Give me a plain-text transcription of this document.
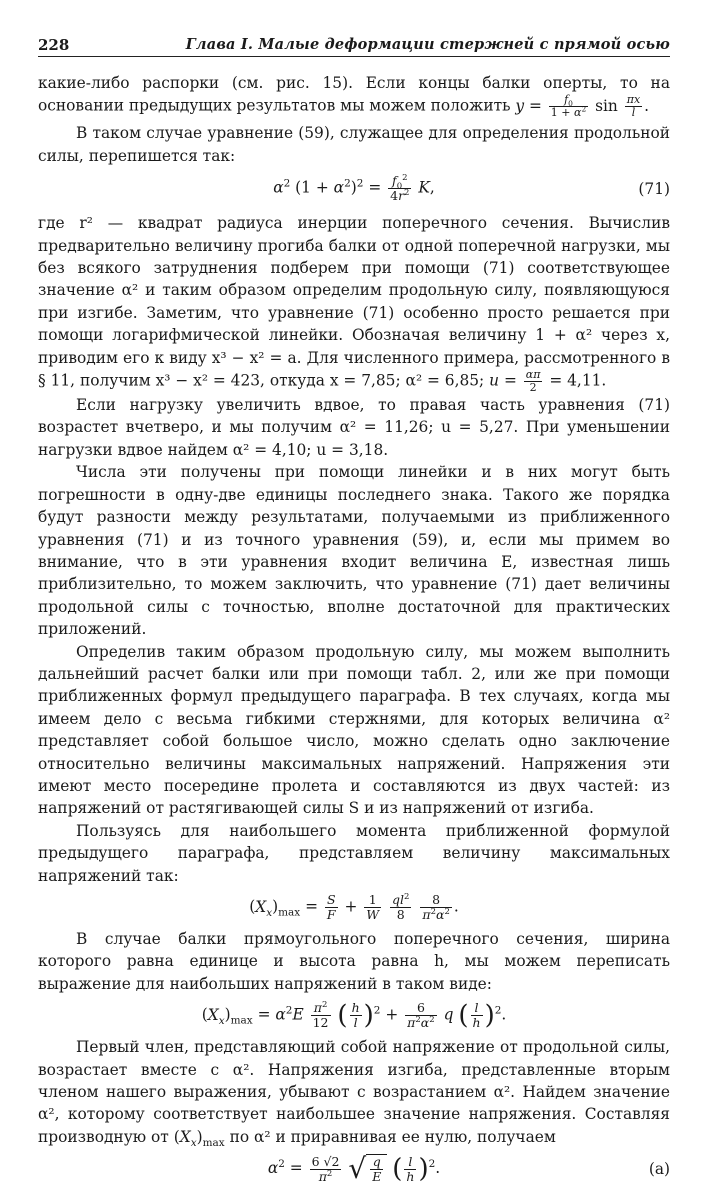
228	Глава I. Малые деформации стержней с прямой осью

какие-либо распорки (см. рис. 15). Если концы балки оперты, то на основании предыдущих результатов мы можем положить $y = \frac{f_0}{1 + \alpha^2}$ $\sin \frac{\pi x}{l}$ .

В таком случае уравнение (59), служащее для определения продольной силы, перепишется так:

$\alpha^2$ $(1 + \alpha^2)^2 = \frac{f_0^2}{4r^2} K$,	(71)

где r² — квадрат радиуса инерции поперечного сечения. Вычислив предварительно величину прогиба балки от одной поперечной нагрузки, мы без всякого затруднения подберем при помощи (71) соответствующее значение α² и таким образом определим продольную силу, появляющуюся при изгибе. Заметим, что уравнение (71) особенно просто решается при помощи логарифмической линейки. Обозначая величину 1 + α² через x, приводим его к виду x³ − x² = a. Для численного примера, рассмотренного в § 11, получим x³ − x² = 423, откуда x = 7,85; α² = 6,85; $u = \frac{\alpha\pi}{2} = 4,11$.

Если нагрузку увеличить вдвое, то правая часть уравнения (71) возрастет вчетверо, и мы получим α² = 11,26; u = 5,27. При уменьшении нагрузки вдвое найдем α² = 4,10; u = 3,18.

Числа эти получены при помощи линейки и в них могут быть погрешности в одну-две единицы последнего знака. Такого же порядка будут разности между результатами, получаемыми из приближенного уравнения (71) и из точного уравнения (59), и, если мы примем во внимание, что в эти уравнения входит величина E, известная лишь приблизительно, то можем заключить, что уравнение (71) дает величины продольной силы с точностью, вполне достаточной для практических приложений.

Определив таким образом продольную силу, мы можем выполнить дальнейший расчет балки или при помощи табл. 2, или же при помощи приближенных формул предыдущего параграфа. В тех случаях, когда мы имеем дело с весьма гибкими стержнями, для которых величина α² представляет собой большое число, можно сделать одно заключение относительно величины максимальных напряжений. Напряжения эти имеют место посередине пролета и составляются из двух частей: из напряжений от растягивающей силы S и из напряжений от изгиба.

Пользуясь для наибольшего момента приближенной формулой предыдущего параграфа, представляем величину максимальных напряжений так:

$(X_x)_{max} = \frac{S}{F} + \frac{1}{W}$
$\frac{ql^2}{8}$
$\frac{8}{\pi^2\alpha^2}$ .

В случае балки прямоугольного поперечного сечения, ширина которого равна единице и высота равна h, мы можем переписать выражение для наибольших напряжений в таком виде:

$(X_x)_{max} = \alpha^2E \frac{\pi^2}{12}$ ( $\frac{h}{l} )^2 + \frac{6}{\pi^2\alpha^2}$ q ( $\frac{l}{h} )^2$.

Первый член, представляющий собой напряжение от продольной силы, возрастает вместе с α². Напряжения изгиба, представленные вторым членом нашего выражения, убывают с возрастанием α². Найдем значение α², которому соответствует наибольшее значение напряжения. Составляя производную от $(X_x)_{max}$ по α² и приравнивая ее нулю, получаем

$\alpha^2 = \frac{6 √2}{\pi^2}$ √ $\frac{q}{E}$ ( $\frac{l}{h} )^2$.	(a)
